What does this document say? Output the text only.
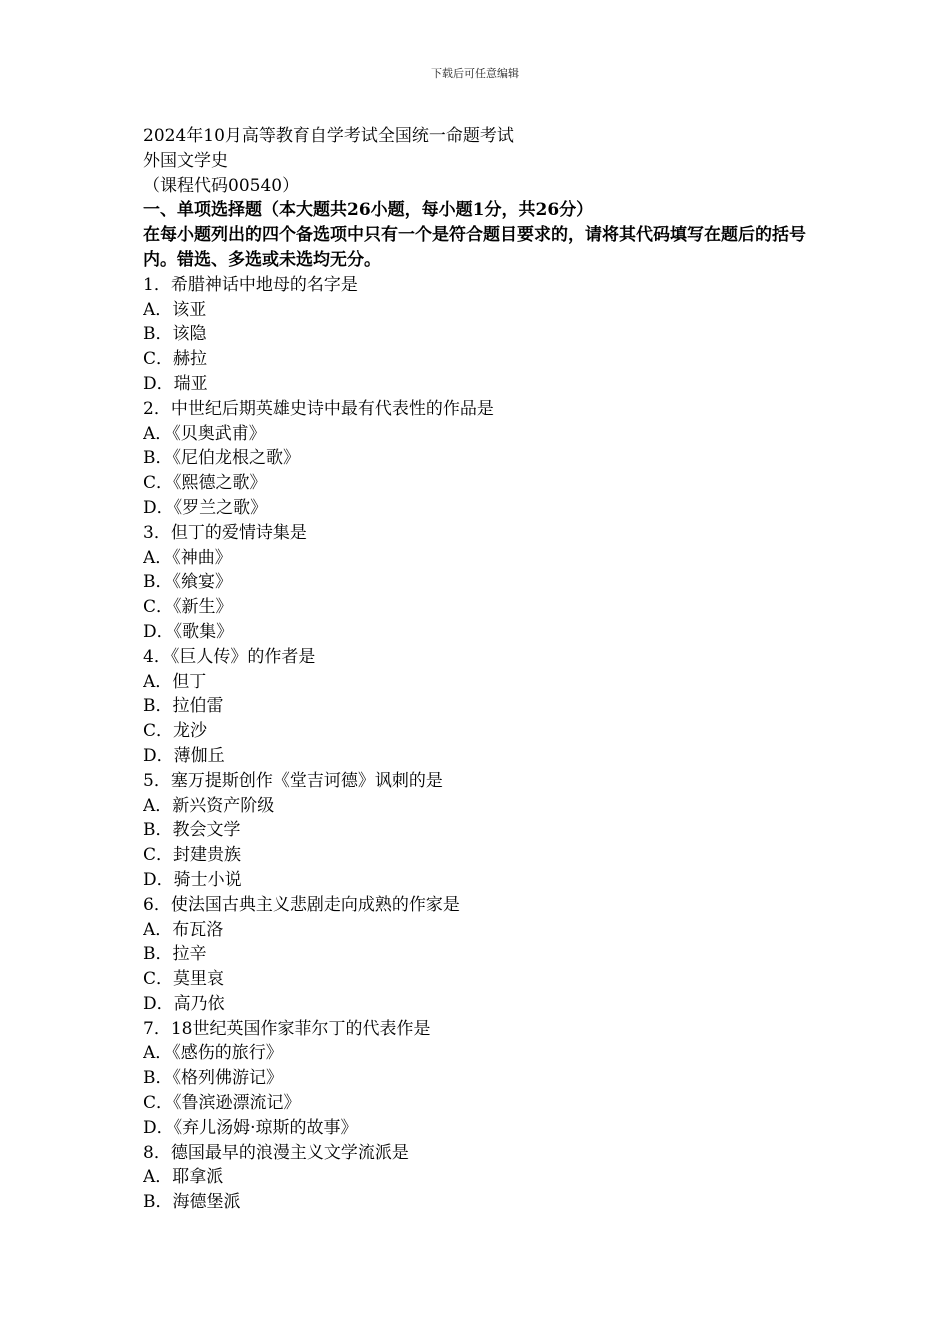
下载后可任意编辑
2024年10月高等教育自学考试全国统一命题考试
外国文学史
（课程代码00540）
一、单项选择题（本大题共26小题，每小题1分，共26分）
在每小题列出的四个备选项中只有一个是符合题目要求的，请将其代码填写在题后的括号内。错选、多选或未选均无分。
1．希腊神话中地母的名字是
A．该亚
B．该隐
C．赫拉
D．瑞亚
2．中世纪后期英雄史诗中最有代表性的作品是
A．《贝奥武甫》
B．《尼伯龙根之歌》
C．《熙德之歌》
D．《罗兰之歌》
3．但丁的爱情诗集是
A．《神曲》
B．《飨宴》
C．《新生》
D．《歌集》
4．《巨人传》的作者是
A．但丁
B．拉伯雷
C．龙沙
D．薄伽丘
5．塞万提斯创作《堂吉诃德》讽刺的是
A．新兴资产阶级
B．教会文学
C．封建贵族
D．骑士小说
6．使法国古典主义悲剧走向成熟的作家是
A．布瓦洛
B．拉辛
C．莫里哀
D．高乃依
7．18世纪英国作家菲尔丁的代表作是
A．《感伤的旅行》
B．《格列佛游记》
C．《鲁滨逊漂流记》
D．《弃儿汤姆·琼斯的故事》
8．德国最早的浪漫主义文学流派是
A．耶拿派
B．海德堡派
